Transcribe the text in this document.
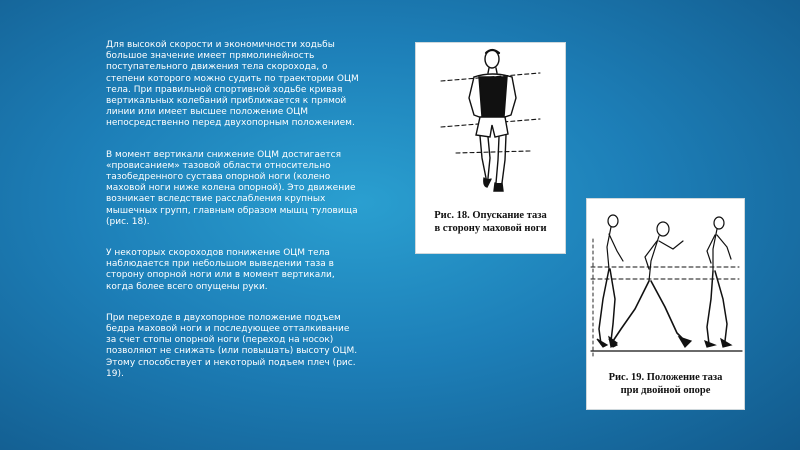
Для высокой скорости и экономичности ходьбы большое значение имеет прямолинейность поступательного движения тела скорохода, о степени которого можно судить по траектории ОЦМ тела. При правильной спортивной ходьбе кривая вертикальных колебаний приближается к прямой линии или имеет высшее положение ОЦМ непосредственно перед двухопорным положением.

В момент вертикали снижение ОЦМ достигается «провисанием» тазовой области относительно тазобедренного сустава опорной ноги (колено маховой ноги ниже колена опорной). Это движение возникает вследствие расслабления крупных мышечных групп, главным образом мышц туловища (рис. 18).

У некоторых скороходов понижение ОЦМ тела наблюдается при небольшом выведении таза в сторону опорной ноги или в момент вертикали, когда более всего опущены руки.

При переходе в двухопорное положение подъем бедра маховой ноги и последующее отталкивание за счет стопы опорной ноги (переход на носок) позволяют не снижать (или повышать) высоту ОЦМ. Этому способствует и некоторый подъем плеч (рис. 19).

Рис. 18. Опускание таза
в сторону маховой ноги
Рис. 19. Положение таза
при двойной опоре
